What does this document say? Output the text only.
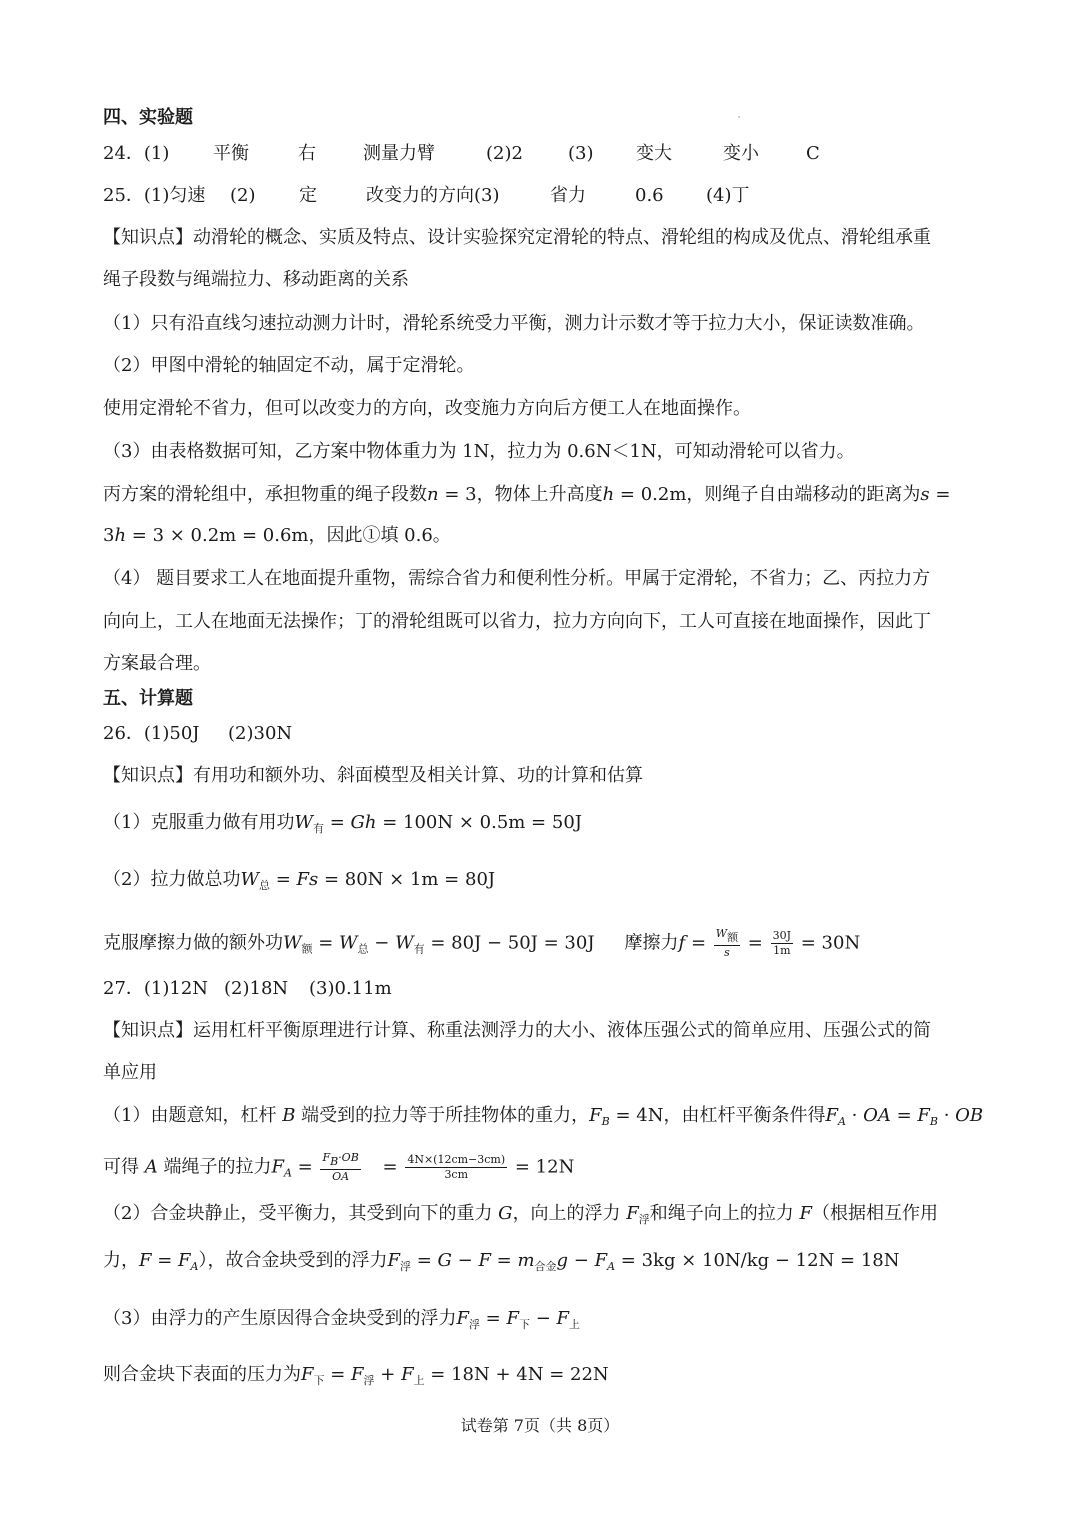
四、实验题
24．(1) 平衡	右	测量力臂	(2)2	(3) 变大	变小	C
25．(1)匀速 (2) 定	改变力的方向(3)	省力	0.6 (4)丁
【知识点】动滑轮的概念、实质及特点、设计实验探究定滑轮的特点、滑轮组的构成及优点、滑轮组承重
绳子段数与绳端拉力、移动距离的关系
（1）只有沿直线匀速拉动测力计时，滑轮系统受力平衡，测力计示数才等于拉力大小，保证读数准确。
（2）甲图中滑轮的轴固定不动，属于定滑轮。
使用定滑轮不省力，但可以改变力的方向，改变施力方向后方便工人在地面操作。
（3）由表格数据可知，乙方案中物体重力为 1N，拉力为 0.6N＜1N，可知动滑轮可以省力。
丙方案的滑轮组中，承担物重的绳子段数n = 3，物体上升高度h = 0.2m，则绳子自由端移动的距离为s =
3h = 3 × 0.2m = 0.6m，因此①填 0.6。
（4） 题目要求工人在地面提升重物，需综合省力和便利性分析。甲属于定滑轮，不省力；乙、丙拉力方
向向上，工人在地面无法操作；丁的滑轮组既可以省力，拉力方向向下，工人可直接在地面操作，因此丁
方案最合理。
五、计算题
26．(1)50J (2)30N
【知识点】有用功和额外功、斜面模型及相关计算、功的计算和估算
（1）克服重力做有用功$W_有 = Gh = 100N \times 0.5m = 50J$
（2）拉力做总功$W_总 = Fs = 80N \times 1m = 80J$
克服摩擦力做的额外功$W_额 = W_总 - W_有 = 80J - 50J = 30J$ 摩擦力$f = \frac{W_额}{s} = \frac{30J}{1m} = 30N$
27．(1)12N (2)18N (3)0.11m
【知识点】运用杠杆平衡原理进行计算、称重法测浮力的大小、液体压强公式的简单应用、压强公式的简
单应用
（1）由题意知，杠杆 B 端受到的拉力等于所挂物体的重力，$F_B = 4N$，由杠杆平衡条件得$F_A$ · OA = $F_B$ · OB
可得 A 端绳子的拉力$F_A = \frac{F_B\cdot OB}{OA} = \frac{4N\times(12cm-3cm)}{3cm} = 12N$
（2）合金块静止，受平衡力，其受到向下的重力 G，向上的浮力 $F_浮$和绳子向上的拉力 F（根据相互作用
力，$F = F_A$），故合金块受到的浮力$F_浮 = G - F = m_{合金}g - F_A = 3kg \times 10N/kg - 12N = 18N$
（3）由浮力的产生原因得合金块受到的浮力$F_浮 = F_下 - F_上$
则合金块下表面的压力为$F_下 = F_浮 + F_上 = 18N + 4N = 22N$
试卷第 7页（共 8页）
